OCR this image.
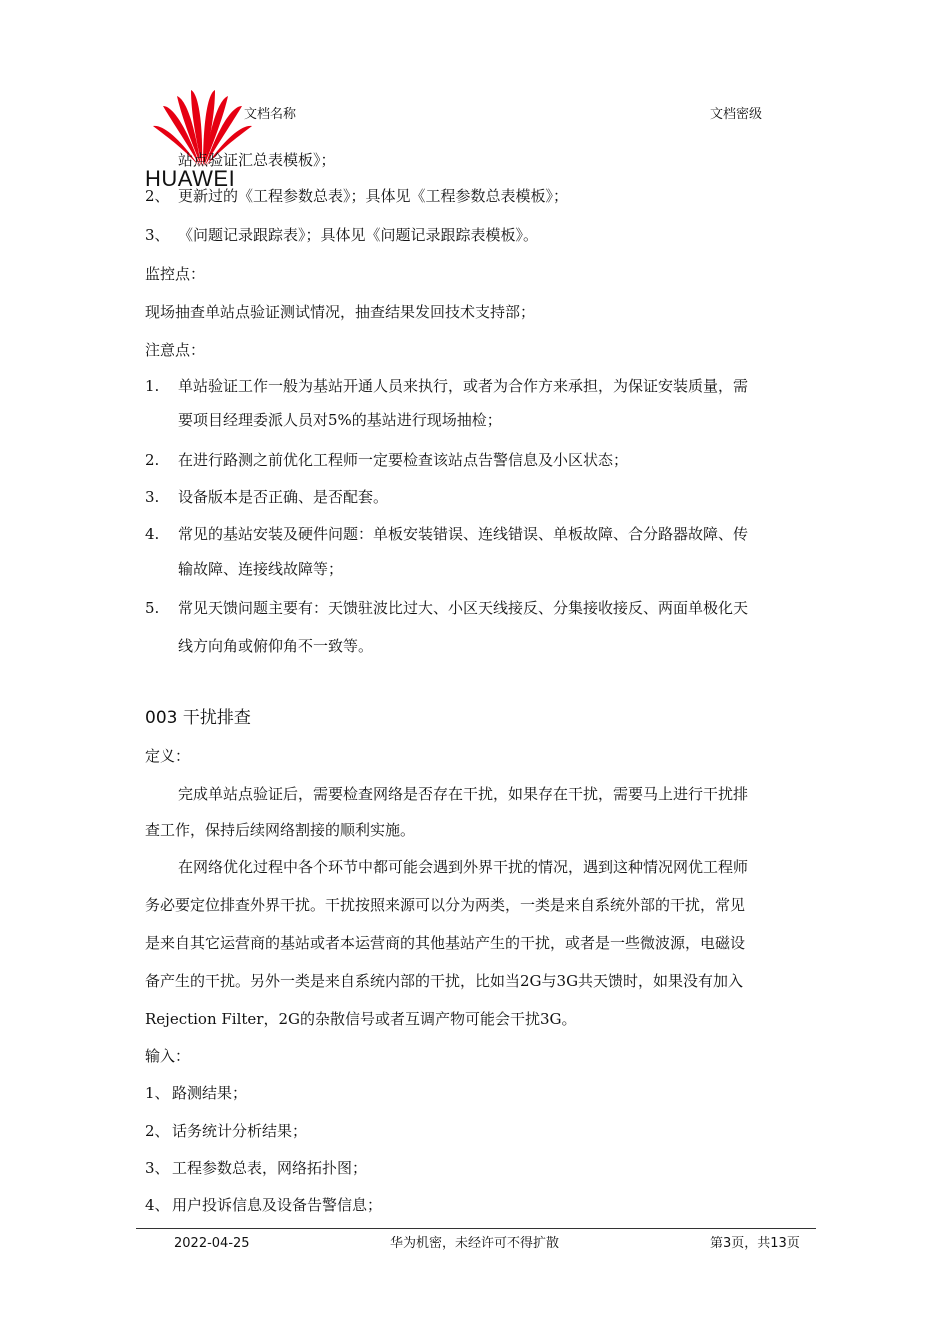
HUAWEI
文档名称	文档密级
站点验证汇总表模板》；
2、 更新过的《工程参数总表》；具体见《工程参数总表模板》；
3、 《问题记录跟踪表》；具体见《问题记录跟踪表模板》。
监控点：
现场抽查单站点验证测试情况，抽查结果发回技术支持部；
注意点：
1. 单站验证工作一般为基站开通人员来执行，或者为合作方来承担，为保证安装质量，需
要项目经理委派人员对5%的基站进行现场抽检；
2. 在进行路测之前优化工程师一定要检查该站点告警信息及小区状态；
3. 设备版本是否正确、是否配套。
4. 常见的基站安装及硬件问题：单板安装错误、连线错误、单板故障、合分路器故障、传
输故障、连接线故障等；
5. 常见天馈问题主要有：天馈驻波比过大、小区天线接反、分集接收接反、两面单极化天
线方向角或俯仰角不一致等。
003 干扰排查
定义：
完成单站点验证后，需要检查网络是否存在干扰，如果存在干扰，需要马上进行干扰排
查工作，保持后续网络割接的顺利实施。
在网络优化过程中各个环节中都可能会遇到外界干扰的情况，遇到这种情况网优工程师
务必要定位排查外界干扰。干扰按照来源可以分为两类，一类是来自系统外部的干扰，常见
是来自其它运营商的基站或者本运营商的其他基站产生的干扰，或者是一些微波源，电磁设
备产生的干扰。另外一类是来自系统内部的干扰，比如当2G与3G共天馈时，如果没有加入
Rejection Filter，2G的杂散信号或者互调产物可能会干扰3G。
输入：
1、 路测结果；
2、 话务统计分析结果；
3、 工程参数总表，网络拓扑图；
4、 用户投诉信息及设备告警信息；
2022-04-25	华为机密，未经许可不得扩散	第3页，共13页
